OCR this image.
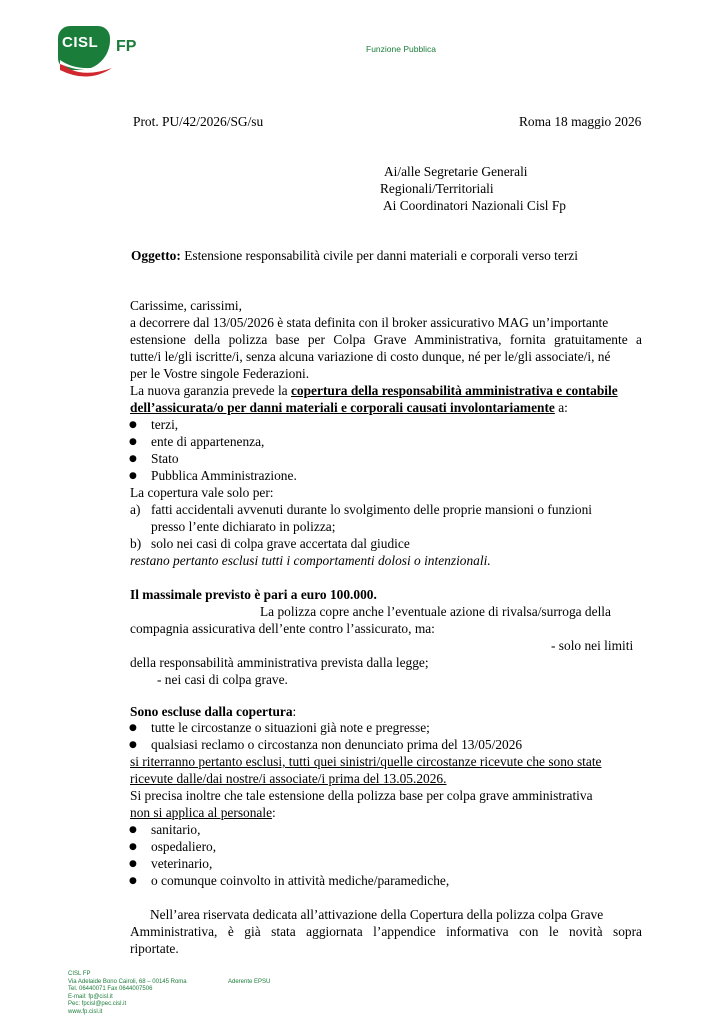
CISL FP	Funzione Pubblica
Prot. PU/42/2026/SG/su	Roma 18 maggio 2026
Ai/alle Segretarie Generali
Regionali/Territoriali
Ai Coordinatori Nazionali Cisl Fp
Oggetto: Estensione responsabilità civile per danni materiali e corporali verso terzi
Carissime, carissimi,
a decorrere dal 13/05/2026 è stata definita con il broker assicurativo MAG un’importante
estensione della polizza base per Colpa Grave Amministrativa, fornita gratuitamente a
tutte/i le/gli iscritte/i, senza alcuna variazione di costo dunque, né per le/gli associate/i, né
per le Vostre singole Federazioni.
La nuova garanzia prevede la copertura della responsabilità amministrativa e contabile
dell’assicurata/o per danni materiali e corporali causati involontariamente a:
● terzi,
● ente di appartenenza,
● Stato
● Pubblica Amministrazione.
La copertura vale solo per:
a) fatti accidentali avvenuti durante lo svolgimento delle proprie mansioni o funzioni
presso l’ente dichiarato in polizza;
b) solo nei casi di colpa grave accertata dal giudice
restano pertanto esclusi tutti i comportamenti dolosi o intenzionali.
Il massimale previsto è pari a euro 100.000.
La polizza copre anche l’eventuale azione di rivalsa/surroga della
compagnia assicurativa dell’ente contro l’assicurato, ma:
- solo nei limiti
della responsabilità amministrativa prevista dalla legge;
- nei casi di colpa grave.
Sono escluse dalla copertura:
● tutte le circostanze o situazioni già note e pregresse;
● qualsiasi reclamo o circostanza non denunciato prima del 13/05/2026
si riterranno pertanto esclusi, tutti quei sinistri/quelle circostanze ricevute che sono state
ricevute dalle/dai nostre/i associate/i prima del 13.05.2026.
Si precisa inoltre che tale estensione della polizza base per colpa grave amministrativa
non si applica al personale:
● sanitario,
● ospedaliero,
● veterinario,
● o comunque coinvolto in attività mediche/paramediche,
Nell’area riservata dedicata all’attivazione della Copertura della polizza colpa Grave
Amministrativa, è già stata aggiornata l’appendice informativa con le novità sopra
riportate.
CISL FP
Via Adelaide Bono Cairoli, 68 – 00145 Roma
Tel. 06440071 Fax 0644007506
E-mail: fp@cisl.it
Pec: fpcisl@pec.cisl.it
www.fp.cisl.it
Aderente EPSU
